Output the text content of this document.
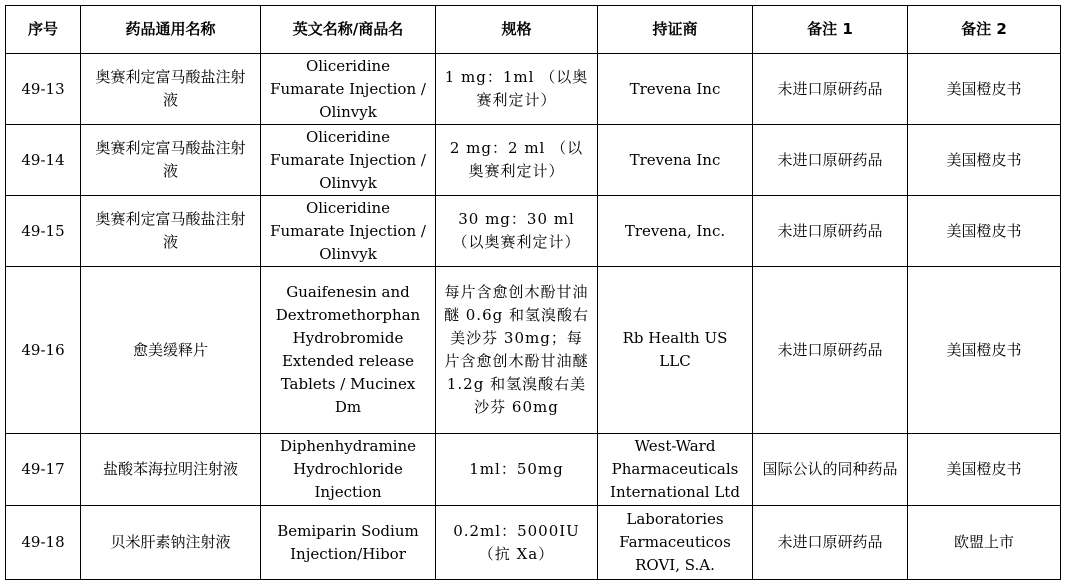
序号	药品通用名称	英文名称/商品名	规格	持证商	备注 1	备注 2
49-13	奥赛利定富马酸盐注射液	Oliceridine Fumarate Injection / Olinvyk	1 mg：1ml （以奥赛利定计）	Trevena Inc	未进口原研药品	美国橙皮书
49-14	奥赛利定富马酸盐注射液	Oliceridine Fumarate Injection / Olinvyk	2 mg：2 ml （以奥赛利定计）	Trevena Inc	未进口原研药品	美国橙皮书
49-15	奥赛利定富马酸盐注射液	Oliceridine Fumarate Injection / Olinvyk	30 mg：30 ml （以奥赛利定计）	Trevena, Inc.	未进口原研药品	美国橙皮书
49-16	愈美缓释片	Guaifenesin and Dextromethorphan Hydrobromide Extended release Tablets / Mucinex Dm	每片含愈创木酚甘油醚 0.6g 和氢溴酸右美沙芬 30mg；每片含愈创木酚甘油醚 1.2g 和氢溴酸右美沙芬 60mg	Rb Health US LLC	未进口原研药品	美国橙皮书
49-17	盐酸苯海拉明注射液	Diphenhydramine Hydrochloride Injection	1ml：50mg	West-Ward Pharmaceuticals International Ltd	国际公认的同种药品	美国橙皮书
49-18	贝米肝素钠注射液	Bemiparin Sodium Injection/Hibor	0.2ml：5000IU （抗 Xa）	Laboratories Farmaceuticos ROVI, S.A.	未进口原研药品	欧盟上市
